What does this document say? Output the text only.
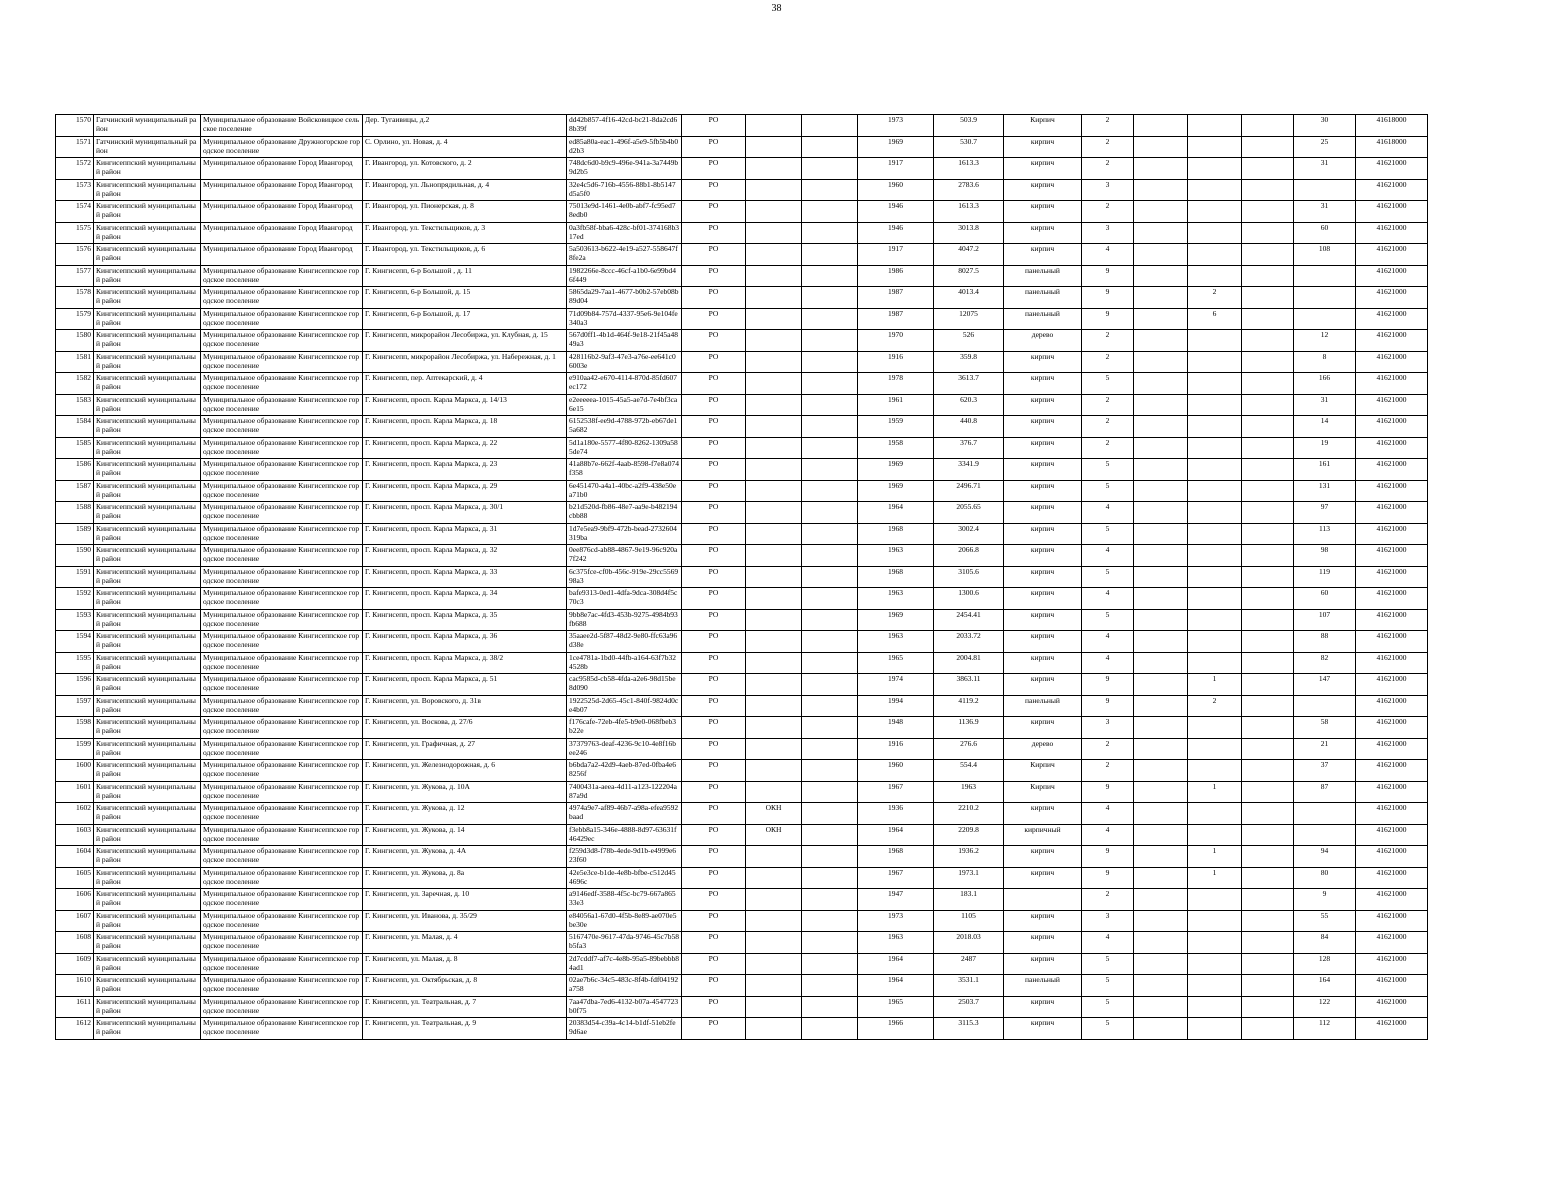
38
1570	Гатчинский муниципальный район	Муниципальное образование Войсковицкое сельское поселение	Дер. Тугаивицы, д.2	dd42b857-4f16-42cd-bc21-8da2cd68b39f	РО			1973	503.9	Кирпич	2				30	41618000
1571	Гатчинский муниципальный район	Муниципальное образование Дружногорское городское поселение	С. Орлино, ул. Новая, д. 4	ed85a80a-eac1-496f-a5e9-5fb5b4b0d2b3	РО			1969	530.7	кирпич	2				25	41618000
1572	Кингисеппский муниципальный район	Муниципальное образование Город Ивангород	Г. Ивангород, ул. Котовского, д. 2	748dc6d0-b9c9-496e-941a-3a7449b9d2b5	РО			1917	1613.3	кирпич	2				31	41621000
1573	Кингисеппский муниципальный район	Муниципальное образование Город Ивангород	Г. Ивангород, ул. Льнопрядильная, д. 4	32e4c5d6-716b-4556-88b1-8b5147d5a5f0	РО			1960	2783.6	кирпич	3					41621000
1574	Кингисеппский муниципальный район	Муниципальное образование Город Ивангород	Г. Ивангород, ул. Пионерская, д. 8	75013e9d-1461-4e0b-abf7-fc95ed78edb0	РО			1946	1613.3	кирпич	2				31	41621000
1575	Кингисеппский муниципальный район	Муниципальное образование Город Ивангород	Г. Ивангород, ул. Текстильщиков, д. 3	0a3fb58f-bba6-428c-bf01-374168b317ed	РО			1946	3013.8	кирпич	3				60	41621000
1576	Кингисеппский муниципальный район	Муниципальное образование Город Ивангород	Г. Ивангород, ул. Текстильщиков, д. 6	5a503613-b622-4e19-a527-558647f8fe2a	РО			1917	4047.2	кирпич	4				108	41621000
1577	Кингисеппский муниципальный район	Муниципальное образование Кингисеппское городское поселение	Г. Кингисепп, 6-р Большой , д. 11	1982266e-8ccc-46cf-a1b0-6e99bd46f449	РО			1986	8027.5	панельный	9					41621000
1578	Кингисеппский муниципальный район	Муниципальное образование Кингисеппское городское поселение	Г. Кингисепп, 6-р Большой, д. 15	5865da29-7aa1-4677-b0b2-57eb08b89d04	РО			1987	4013.4	панельный	9		2			41621000
1579	Кингисеппский муниципальный район	Муниципальное образование Кингисеппское городское поселение	Г. Кингисепп, 6-р Большой, д. 17	71d09b84-757d-4337-95e6-9e104fe340a3	РО			1987	12075	панельный	9		6			41621000
1580	Кингисеппский муниципальный район	Муниципальное образование Кингисеппское городское поселение	Г. Кингисепп, микрорайон Лесобиржа, ул. Клубная, д. 15	567d0ff1-4b1d-464f-9e18-21f45a4849a3	РО			1970	526	дерево	2				12	41621000
1581	Кингисеппский муниципальный район	Муниципальное образование Кингисеппское городское поселение	Г. Кингисепп, микрорайон Лесобиржа, ул. Набережная, д. 1	428116b2-9af3-47e3-a76e-ee641c06003e	РО			1916	359.8	кирпич	2				8	41621000
1582	Кингисеппский муниципальный район	Муниципальное образование Кингисеппское городское поселение	Г. Кингисепп, пер. Аптекарский, д. 4	e910aa42-e670-4114-870d-85fd607ec172	РО			1978	3613.7	кирпич	5				166	41621000
1583	Кингисеппский муниципальный район	Муниципальное образование Кингисеппское городское поселение	Г. Кингисепп, просп. Карла Маркса, д. 14/13	e2eeeeea-1015-45a5-ae7d-7e4bf3ca6e15	РО			1961	620.3	кирпич	2				31	41621000
1584	Кингисеппский муниципальный район	Муниципальное образование Кингисеппское городское поселение	Г. Кингисепп, просп. Карла Маркса, д. 18	6152538f-ee9d-4788-972b-eb67de15a682	РО			1959	440.8	кирпич	2				14	41621000
1585	Кингисеппский муниципальный район	Муниципальное образование Кингисеппское городское поселение	Г. Кингисепп, просп. Карла Маркса, д. 22	5d1a180e-5577-4f80-8262-1309a585de74	РО			1958	376.7	кирпич	2				19	41621000
1586	Кингисеппский муниципальный район	Муниципальное образование Кингисеппское городское поселение	Г. Кингисепп, просп. Карла Маркса, д. 23	41a88b7e-662f-4aab-8598-f7e8a074f358	РО			1969	3341.9	кирпич	5				161	41621000
1587	Кингисеппский муниципальный район	Муниципальное образование Кингисеппское городское поселение	Г. Кингисепп, просп. Карла Маркса, д. 29	6e451470-a4a1-40bc-a2f9-438e50ea71b0	РО			1969	2496.71	кирпич	5				131	41621000
1588	Кингисеппский муниципальный район	Муниципальное образование Кингисеппское городское поселение	Г. Кингисепп, просп. Карла Маркса, д. 30/1	b21d520d-fb86-48e7-aa9e-b482194cbb88	РО			1964	2055.65	кирпич	4				97	41621000
1589	Кингисеппский муниципальный район	Муниципальное образование Кингисеппское городское поселение	Г. Кингисепп, просп. Карла Маркса, д. 31	1d7e5ea9-9bf9-472b-bead-2732604319ba	РО			1968	3002.4	кирпич	5				113	41621000
1590	Кингисеппский муниципальный район	Муниципальное образование Кингисеппское городское поселение	Г. Кингисепп, просп. Карла Маркса, д. 32	0ee876cd-ab88-4867-9e19-96c920a7f242	РО			1963	2066.8	кирпич	4				98	41621000
1591	Кингисеппский муниципальный район	Муниципальное образование Кингисеппское городское поселение	Г. Кингисепп, просп. Карла Маркса, д. 33	6c375fce-cf0b-456c-919e-29cc556998a3	РО			1968	3105.6	кирпич	5				119	41621000
1592	Кингисеппский муниципальный район	Муниципальное образование Кингисеппское городское поселение	Г. Кингисепп, просп. Карла Маркса, д. 34	bafe9313-0ed1-4dfa-9dca-308d4f5c70c3	РО			1963	1300.6	кирпич	4				60	41621000
1593	Кингисеппский муниципальный район	Муниципальное образование Кингисеппское городское поселение	Г. Кингисепп, просп. Карла Маркса, д. 35	9bb8e7ac-4fd3-453b-9275-4984b93fb688	РО			1969	2454.41	кирпич	5				107	41621000
1594	Кингисеппский муниципальный район	Муниципальное образование Кингисеппское городское поселение	Г. Кингисепп, просп. Карла Маркса, д. 36	35aaee2d-5f87-48d2-9e80-ffc63a96d38e	РО			1963	2033.72	кирпич	4				88	41621000
1595	Кингисеппский муниципальный район	Муниципальное образование Кингисеппское городское поселение	Г. Кингисепп, просп. Карла Маркса, д. 38/2	1ce4781a-1bd0-44fb-a164-63f7b324528b	РО			1965	2004.81	кирпич	4				82	41621000
1596	Кингисеппский муниципальный район	Муниципальное образование Кингисеппское городское поселение	Г. Кингисепп, просп. Карла Маркса, д. 51	cac9585d-cb58-4fda-a2e6-98d15be8d090	РО			1974	3863.11	кирпич	9		1		147	41621000
1597	Кингисеппский муниципальный район	Муниципальное образование Кингисеппское городское поселение	Г. Кингисепп, ул. Воровского, д. 31в	1922525d-2d65-45c1-840f-9824d0ce4b07	РО			1994	4119.2	панельный	9		2			41621000
1598	Кингисеппский муниципальный район	Муниципальное образование Кингисеппское городское поселение	Г. Кингисепп, ул. Воскова, д. 27/6	f176cafe-72eb-4fe5-b9e0-068fbeb3b22e	РО			1948	1136.9	кирпич	3				58	41621000
1599	Кингисеппский муниципальный район	Муниципальное образование Кингисеппское городское поселение	Г. Кингисепп, ул. Графичная, д. 27	37379763-deaf-4236-9c10-4e8f16bee246	РО			1916	276.6	дерево	2				21	41621000
1600	Кингисеппский муниципальный район	Муниципальное образование Кингисеппское городское поселение	Г. Кингисепп, ул. Железнодорожная, д. 6	b6bda7a2-42d9-4aeb-87ed-0fba4e68256f	РО			1960	554.4	Кирпич	2				37	41621000
1601	Кингисеппский муниципальный район	Муниципальное образование Кингисеппское городское поселение	Г. Кингисепп, ул. Жукова, д. 10А	7400431a-aeea-4d11-a123-122204a87a9d	РО			1967	1963	Кирпич	9		1		87	41621000
1602	Кингисеппский муниципальный район	Муниципальное образование Кингисеппское городское поселение	Г. Кингисепп, ул. Жукова, д. 12	4974a9e7-af89-46b7-a98a-efea9592baad	РО	ОКН		1936	2210.2	кирпич	4					41621000
1603	Кингисеппский муниципальный район	Муниципальное образование Кингисеппское городское поселение	Г. Кингисепп, ул. Жукова, д. 14	f3ebb8a15-346e-4888-8d97-63631f46429ec	РО	ОКН		1964	2209.8	кирпичный	4					41621000
1604	Кингисеппский муниципальный район	Муниципальное образование Кингисеппское городское поселение	Г. Кингисепп, ул. Жукова, д. 4А	f259d3d8-f78b-4ede-9d1b-e4999e623f60	РО			1968	1936.2	кирпич	9		1		94	41621000
1605	Кингисеппский муниципальный район	Муниципальное образование Кингисеппское городское поселение	Г. Кингисепп, ул. Жукова, д. 8а	42e5e3ce-b1de-4e8b-bfbe-c512d454696c	РО			1967	1973.1	кирпич	9		1		80	41621000
1606	Кингисеппский муниципальный район	Муниципальное образование Кингисеппское городское поселение	Г. Кингисепп, ул. Заречная, д. 10	a9146edf-3588-4f5c-bc79-667a86533e3	РО			1947	183.1		2				9	41621000
1607	Кингисеппский муниципальный район	Муниципальное образование Кингисеппское городское поселение	Г. Кингисепп, ул. Иванова, д. 35/29	e84056a1-67d0-4f5b-8e89-ae070e5be30e	РО			1973	1105	кирпич	3				55	41621000
1608	Кингисеппский муниципальный район	Муниципальное образование Кингисеппское городское поселение	Г. Кингисепп, ул. Малая, д. 4	5167470e-9617-47da-9746-45c7b58b5fa3	РО			1963	2018.03	кирпич	4				84	41621000
1609	Кингисеппский муниципальный район	Муниципальное образование Кингисеппское городское поселение	Г. Кингисепп, ул. Малая, д. 8	2d7cddf7-af7c-4e8b-95a5-89bebbb84ad1	РО			1964	2487	кирпич	5				128	41621000
1610	Кингисеппский муниципальный район	Муниципальное образование Кингисеппское городское поселение	Г. Кингисепп, ул. Октябрьская, д. 8	02ae7b6c-34c5-483c-8f4b-fdf04192a758	РО			1964	3531.1	панельный	5				164	41621000
1611	Кингисеппский муниципальный район	Муниципальное образование Кингисеппское городское поселение	Г. Кингисепп, ул. Театральная, д. 7	7aa47dba-7ed6-4132-b07a-4547723b0f75	РО			1965	2503.7	кирпич	5				122	41621000
1612	Кингисеппский муниципальный район	Муниципальное образование Кингисеппское городское поселение	Г. Кингисепп, ул. Театральная, д. 9	20383d54-c39a-4c14-b1df-51eb2fe9d6ae	РО			1966	3115.3	кирпич	5				112	41621000
